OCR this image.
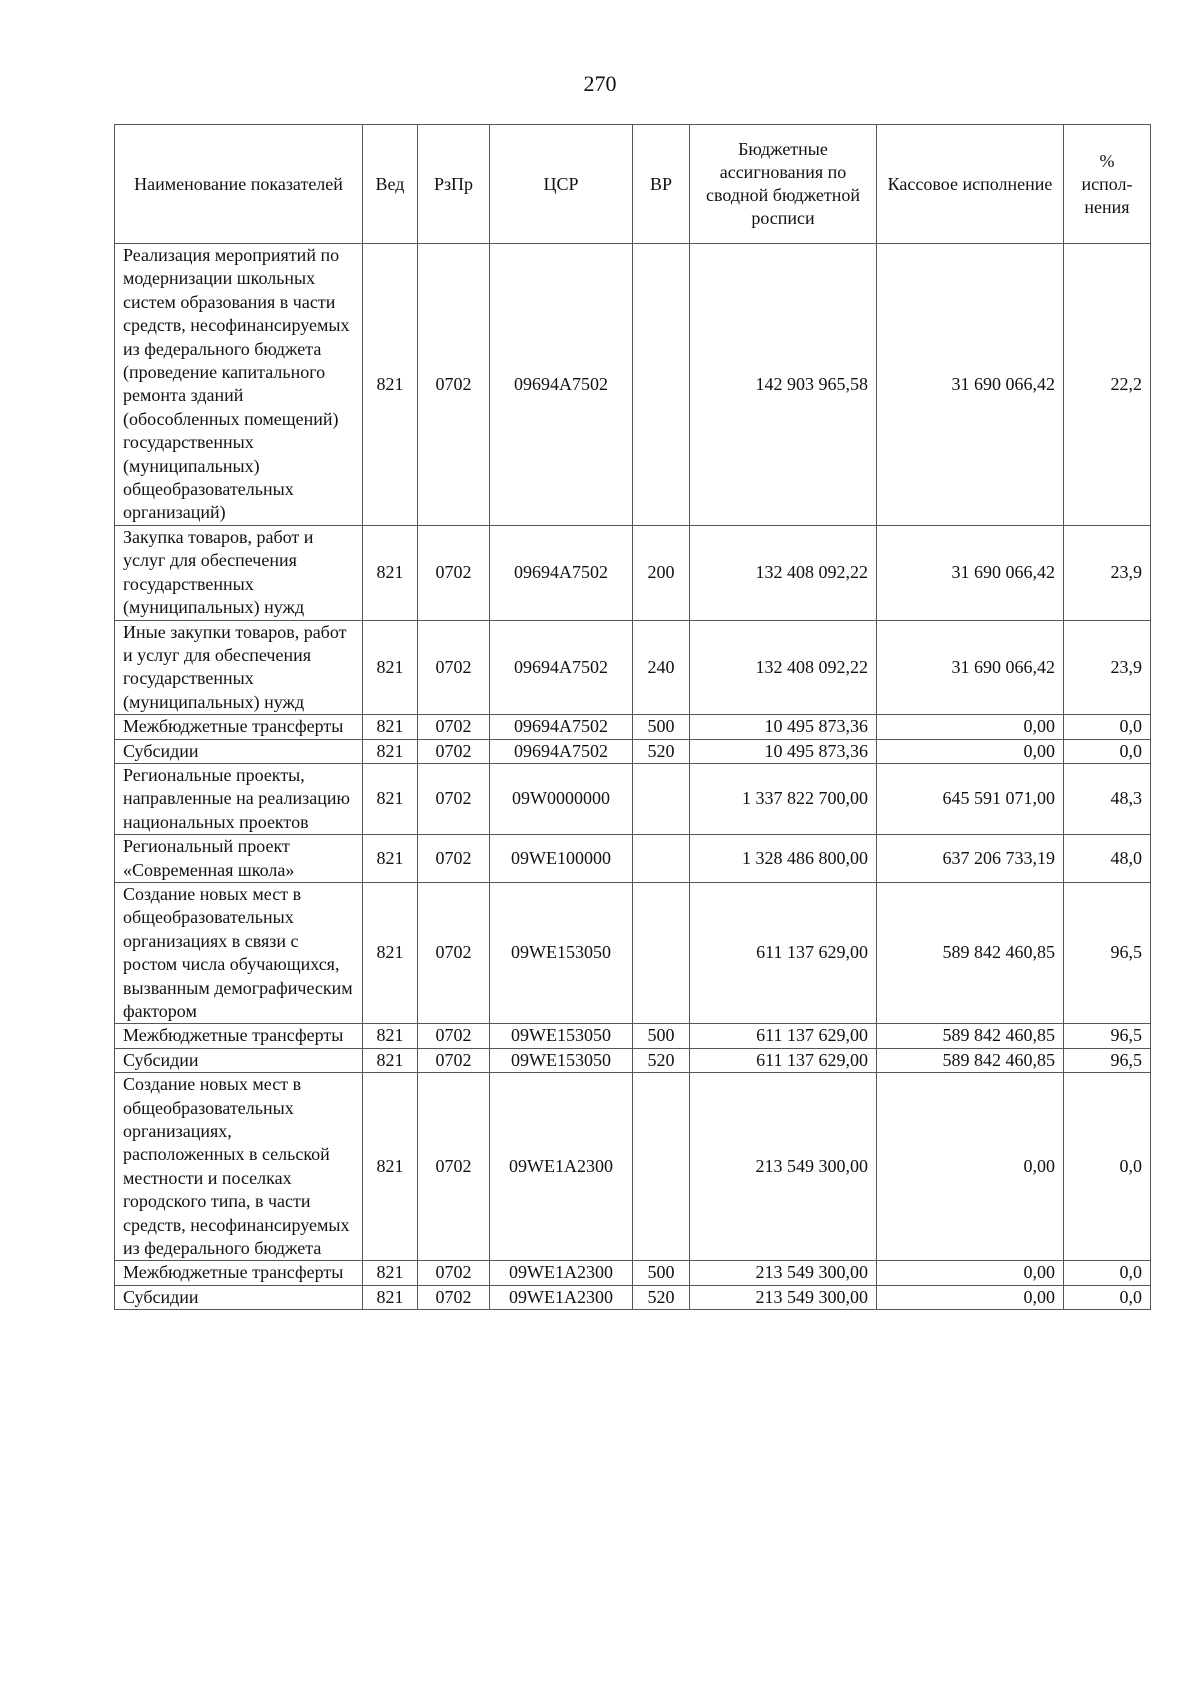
270
Наименование показателей	Вед	РзПр	ЦСР	ВР	Бюджетные ассигнования по сводной бюджетной росписи	Кассовое исполнение	% испол-нения
Реализация мероприятий по модернизации школьных систем образования в части средств, несофинансируемых из федерального бюджета (проведение капитального ремонта зданий (обособленных помещений) государственных (муниципальных) общеобразовательных организаций)	821	0702	09694A7502		142 903 965,58	31 690 066,42	22,2
Закупка товаров, работ и услуг для обеспечения государственных (муниципальных) нужд	821	0702	09694A7502	200	132 408 092,22	31 690 066,42	23,9
Иные закупки товаров, работ и услуг для обеспечения государственных (муниципальных) нужд	821	0702	09694A7502	240	132 408 092,22	31 690 066,42	23,9
Межбюджетные трансферты	821	0702	09694A7502	500	10 495 873,36	0,00	0,0
Субсидии	821	0702	09694A7502	520	10 495 873,36	0,00	0,0
Региональные проекты, направленные на реализацию национальных проектов	821	0702	09W0000000		1 337 822 700,00	645 591 071,00	48,3
Региональный проект «Современная школа»	821	0702	09WE100000		1 328 486 800,00	637 206 733,19	48,0
Создание новых мест в общеобразовательных организациях в связи с ростом числа обучающихся, вызванным демографическим фактором	821	0702	09WE153050		611 137 629,00	589 842 460,85	96,5
Межбюджетные трансферты	821	0702	09WE153050	500	611 137 629,00	589 842 460,85	96,5
Субсидии	821	0702	09WE153050	520	611 137 629,00	589 842 460,85	96,5
Создание новых мест в общеобразовательных организациях, расположенных в сельской местности и поселках городского типа, в части средств, несофинансируемых из федерального бюджета	821	0702	09WE1A2300		213 549 300,00	0,00	0,0
Межбюджетные трансферты	821	0702	09WE1A2300	500	213 549 300,00	0,00	0,0
Субсидии	821	0702	09WE1A2300	520	213 549 300,00	0,00	0,0
